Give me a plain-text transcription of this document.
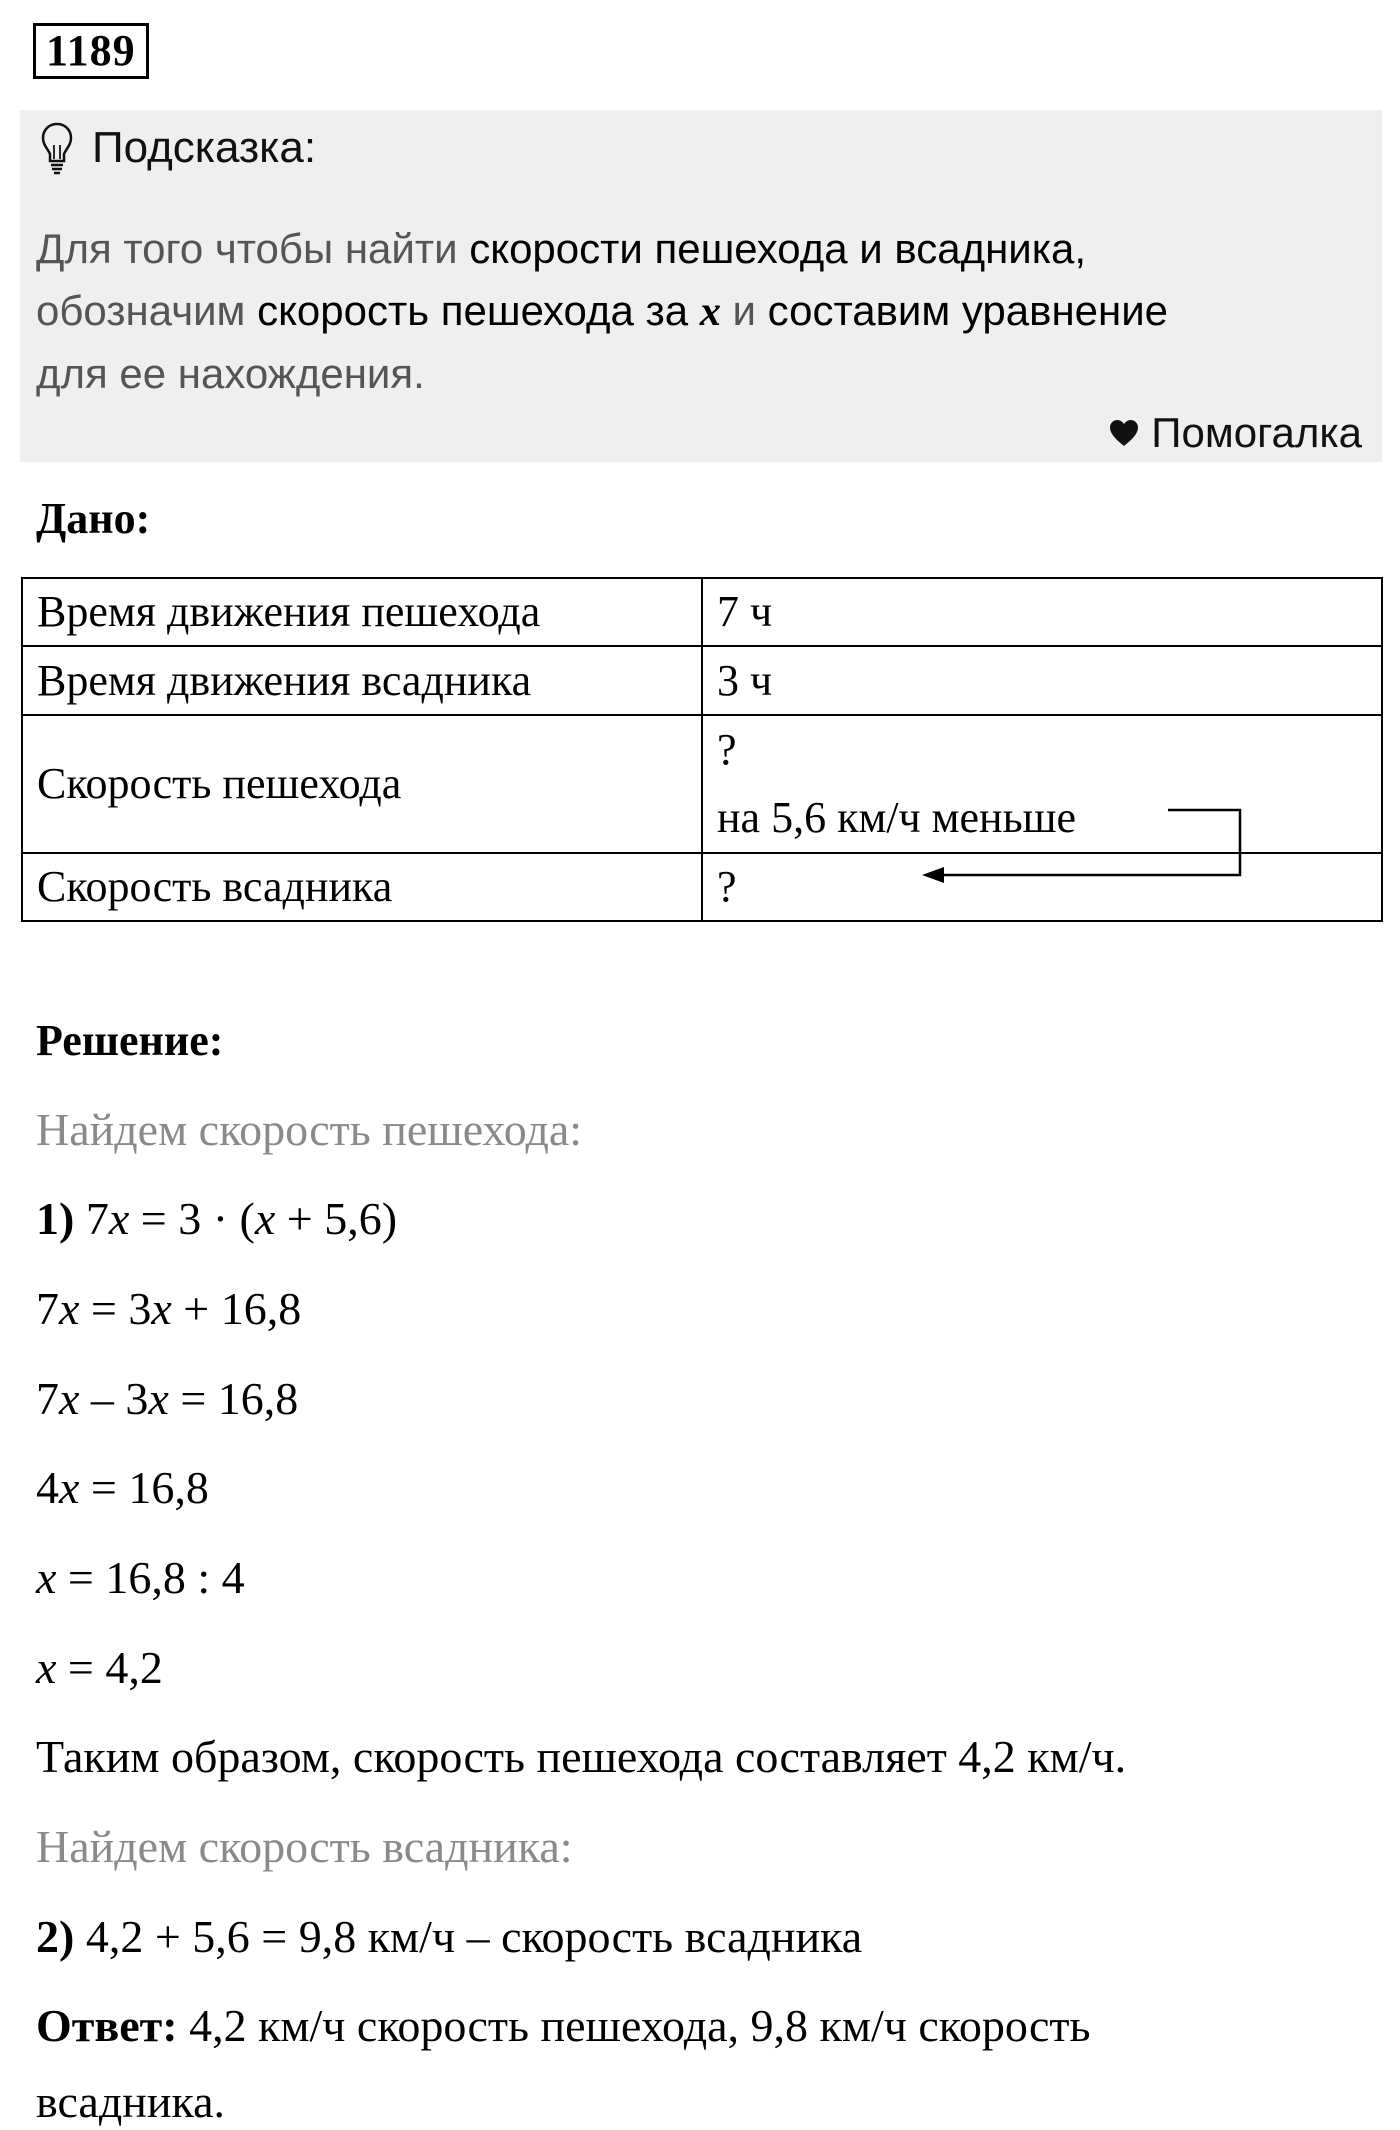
1189
Подсказка:
Для того чтобы найти скорости пешехода и всадника,
обозначим скорость пешехода за x и составим уравнение
для ее нахождения.
Помогалка
Дано:
Время движения пешехода	7 ч
Время движения всадника	3 ч
Скорость пешехода	?
на 5,6 км/ч меньше

Скорость всадника	?
Решение:
Найдем скорость пешехода:
1) 7x = 3 · (x + 5,6)
7x = 3x + 16,8
7x – 3x = 16,8
4x = 16,8
x = 16,8 : 4
x = 4,2
Таким образом, скорость пешехода составляет 4,2 км/ч.
Найдем скорость всадника:
2) 4,2 + 5,6 = 9,8 км/ч – скорость всадника
Ответ: 4,2 км/ч скорость пешехода, 9,8 км/ч скорость
всадника.
